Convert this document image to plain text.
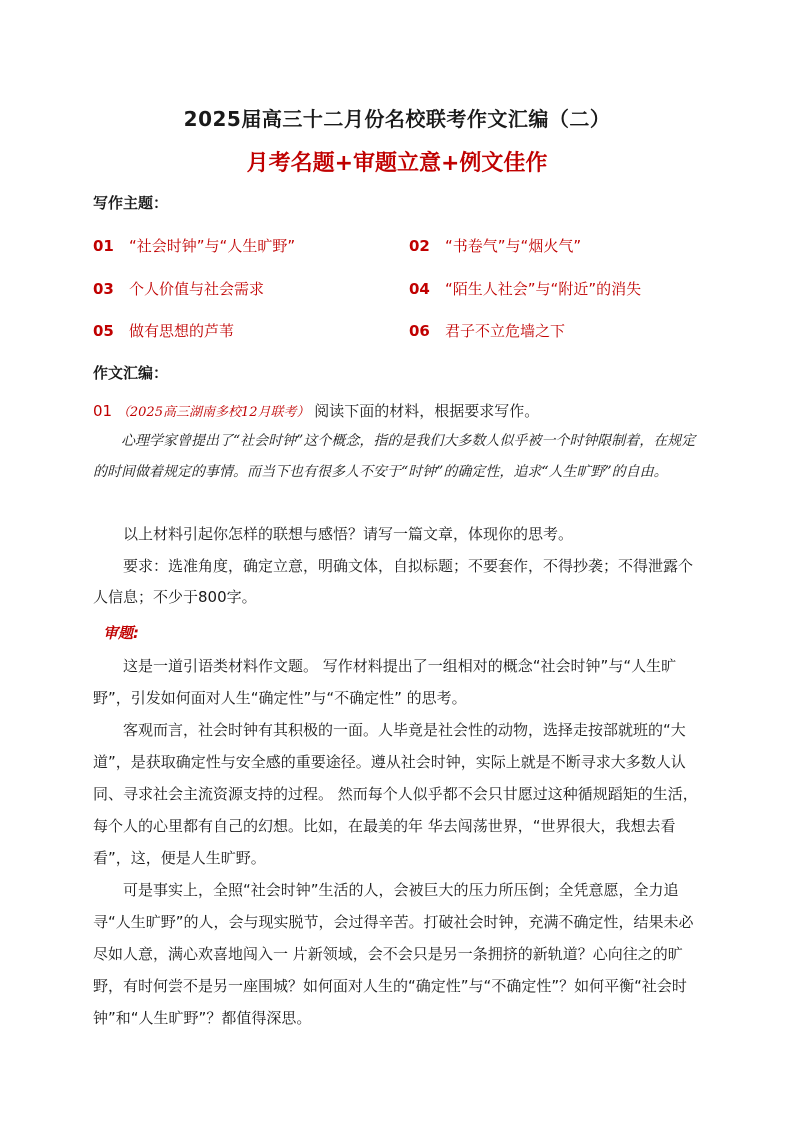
2025届高三十二月份名校联考作文汇编（二）
月考名题+审题立意+例文佳作
写作主题：
01 “社会时钟”与“人生旷野”	02 “书卷气”与“烟火气”
03 个人价值与社会需求	04 “陌生人社会”与“附近”的消失
05 做有思想的芦苇	06 君子不立危墙之下
作文汇编：

01 （2025高三湖南多校12月联考） 阅读下面的材料，根据要求写作。

心理学家曾提出了“社会时钟”这个概念，指的是我们大多数人似乎被一个时钟限制着，在规定的时间做着规定的事情。而当下也有很多人不安于“时钟”的确定性，追求“人生旷野”的自由。

以上材料引起你怎样的联想与感悟？请写一篇文章，体现你的思考。

要求：选准角度，确定立意，明确文体，自拟标题；不要套作，不得抄袭；不得泄露个人信息；不少于800字。

审题:

这是一道引语类材料作文题。 写作材料提出了一组相对的概念“社会时钟”与“人生旷野”，引发如何面对人生“确定性”与“不确定性” 的思考。

客观而言，社会时钟有其积极的一面。人毕竟是社会性的动物，选择走按部就班的“大道”，是获取确定性与安全感的重要途径。遵从社会时钟，实际上就是不断寻求大多数人认同、寻求社会主流资源支持的过程。 然而每个人似乎都不会只甘愿过这种循规蹈矩的生活，每个人的心里都有自己的幻想。比如，在最美的年 华去闯荡世界，“世界很大，我想去看看”，这，便是人生旷野。

可是事实上，全照“社会时钟”生活的人，会被巨大的压力所压倒；全凭意愿，全力追寻“人生旷野”的人，会与现实脱节，会过得辛苦。打破社会时钟，充满不确定性，结果未必尽如人意，满心欢喜地闯入一 片新领域，会不会只是另一条拥挤的新轨道？心向往之的旷野，有时何尝不是另一座围城？如何面对人生的“确定性”与“不确定性”？如何平衡“社会时钟”和“人生旷野”？都值得深思。
